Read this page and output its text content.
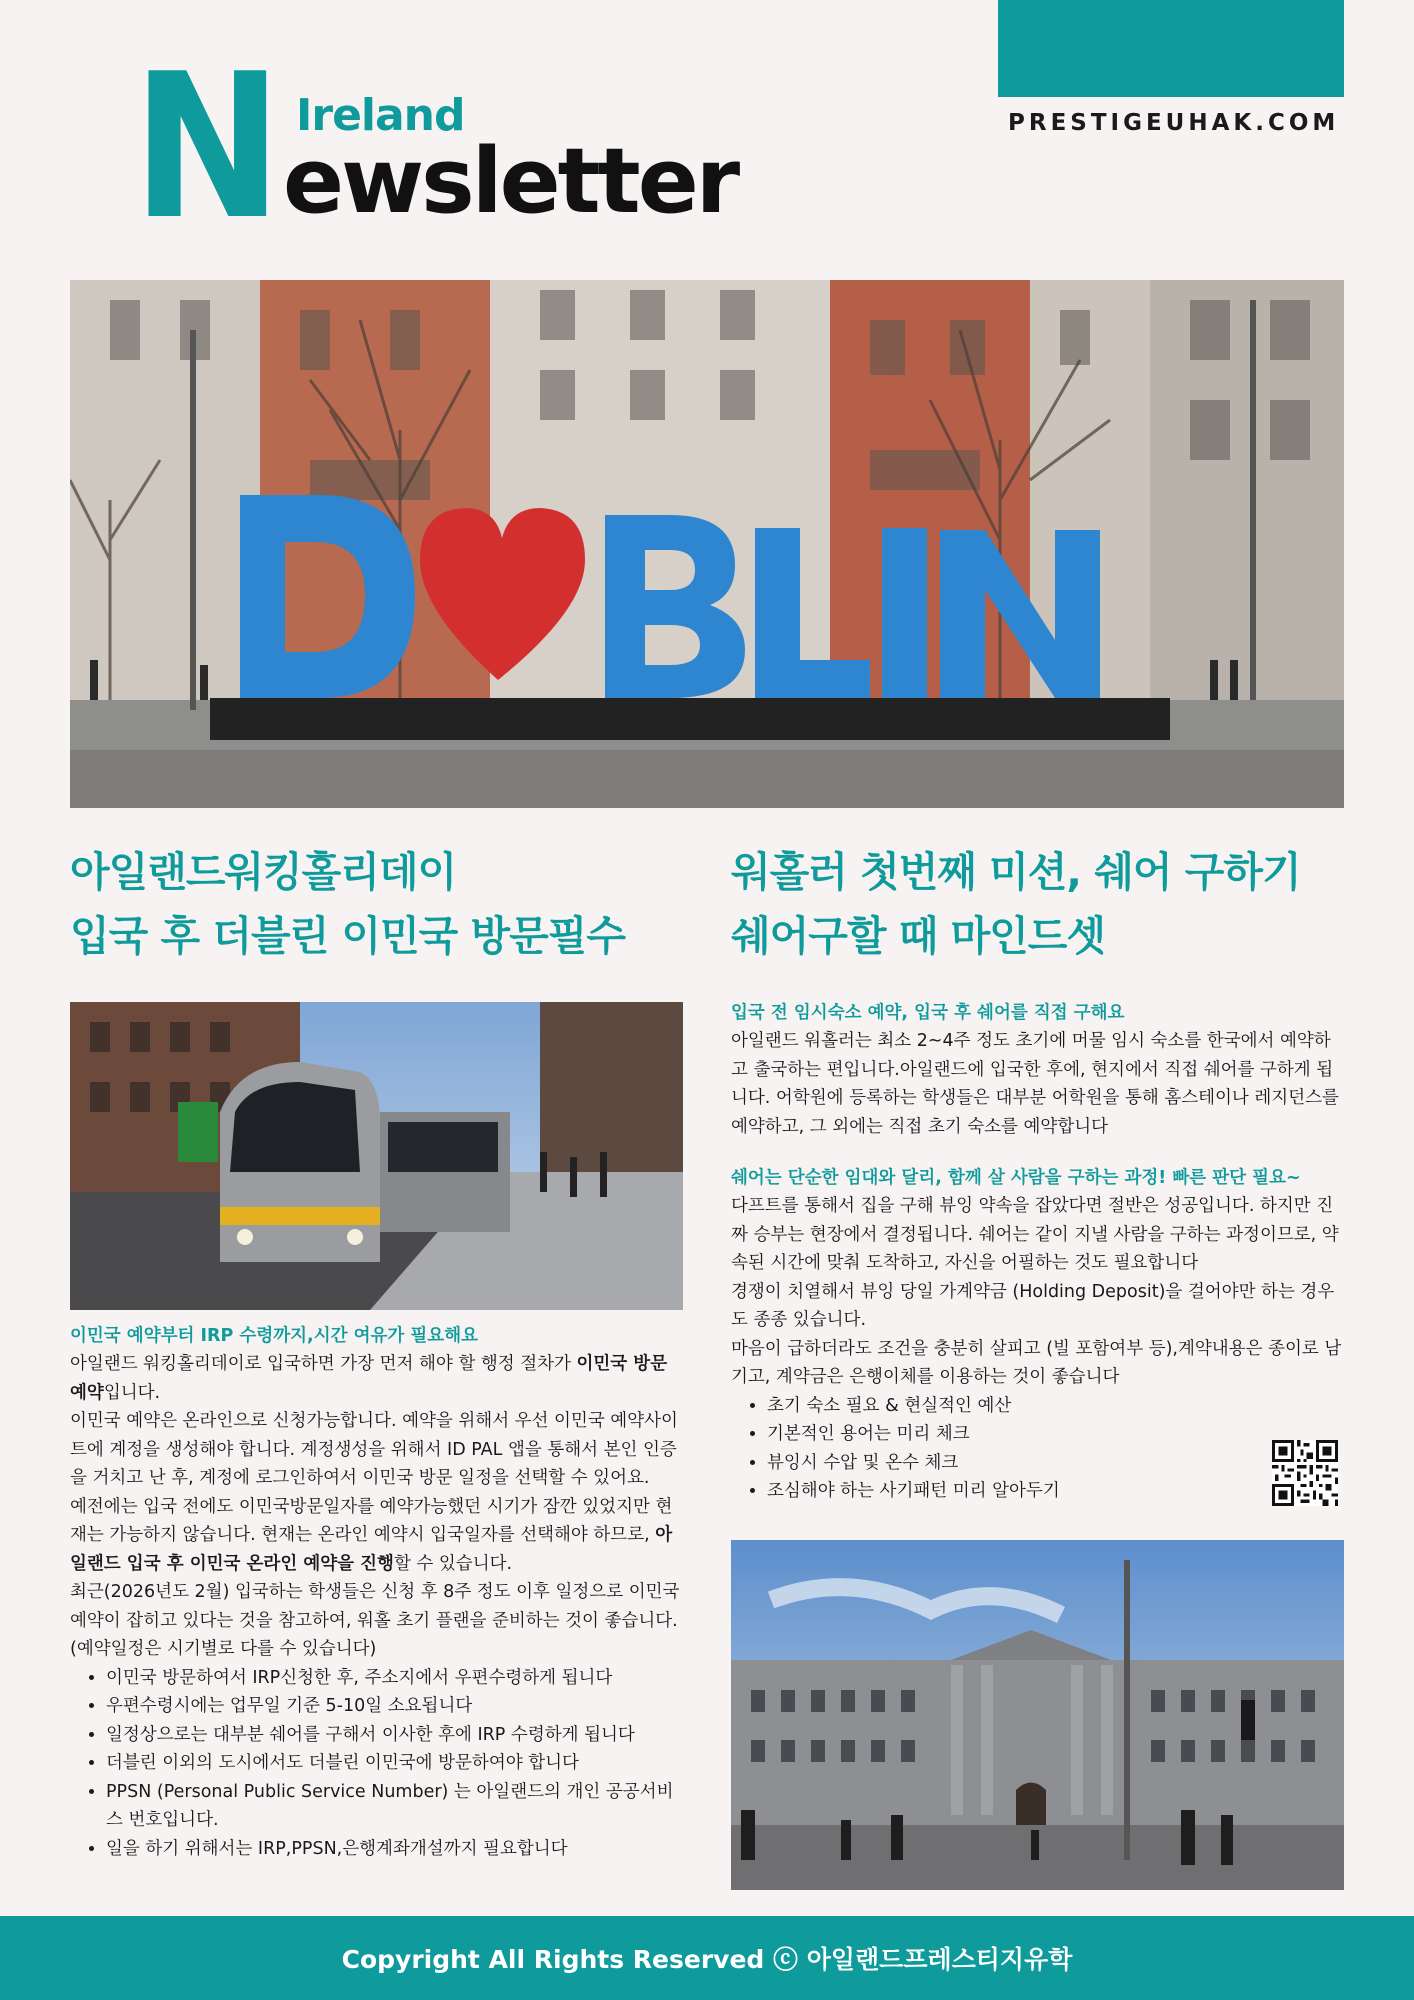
PRESTIGEUHAK.COM
N Ireland
ewsletter
아일랜드워킹홀리데이
입국 후 더블린 이민국 방문필수
워홀러 첫번째 미션, 쉐어 구하기
쉐어구할 때 마인드셋
이민국 예약부터 IRP 수령까지,시간 여유가 필요해요

아일랜드 워킹홀리데이로 입국하면 가장 먼저 해야 할 행정 절차가 이민국 방문 예약입니다.

이민국 예약은 온라인으로 신청가능합니다. 예약을 위해서 우선 이민국 예약사이트에 계정을 생성해야 합니다. 계정생성을 위해서 ID PAL 앱을 통해서 본인 인증을 거치고 난 후, 계정에 로그인하여서 이민국 방문 일정을 선택할 수 있어요.

예전에는 입국 전에도 이민국방문일자를 예약가능했던 시기가 잠깐 있었지만 현재는 가능하지 않습니다. 현재는 온라인 예약시 입국일자를 선택해야 하므로, 아일랜드 입국 후 이민국 온라인 예약을 진행할 수 있습니다.

최근(2026년도 2월) 입국하는 학생들은 신청 후 8주 정도 이후 일정으로 이민국 예약이 잡히고 있다는 것을 참고하여, 워홀 초기 플랜을 준비하는 것이 좋습니다.(예약일정은 시기별로 다를 수 있습니다)

• 이민국 방문하여서 IRP신청한 후, 주소지에서 우편수령하게 됩니다
• 우편수령시에는 업무일 기준 5-10일 소요됩니다
• 일정상으로는 대부분 쉐어를 구해서 이사한 후에 IRP 수령하게 됩니다
• 더블린 이외의 도시에서도 더블린 이민국에 방문하여야 합니다
• PPSN (Personal Public Service Number) 는 아일랜드의 개인 공공서비스 번호입니다.
• 일을 하기 위해서는 IRP,PPSN,은행계좌개설까지 필요합니다
입국 전 임시숙소 예약, 입국 후 쉐어를 직접 구해요

아일랜드 워홀러는 최소 2~4주 정도 초기에 머물 임시 숙소를 한국에서 예약하고 출국하는 편입니다.아일랜드에 입국한 후에, 현지에서 직접 쉐어를 구하게 됩니다. 어학원에 등록하는 학생들은 대부분 어학원을 통해 홈스테이나 레지던스를 예약하고, 그 외에는 직접 초기 숙소를 예약합니다

쉐어는 단순한 임대와 달리, 함께 살 사람을 구하는 과정! 빠른 판단 필요~

다프트를 통해서 집을 구해 뷰잉 약속을 잡았다면 절반은 성공입니다. 하지만 진짜 승부는 현장에서 결정됩니다. 쉐어는 같이 지낼 사람을 구하는 과정이므로, 약속된 시간에 맞춰 도착하고, 자신을 어필하는 것도 필요합니다

경쟁이 치열해서 뷰잉 당일 가계약금 (Holding Deposit)을 걸어야만 하는 경우도 종종 있습니다.

마음이 급하더라도 조건을 충분히 살피고 (빌 포함여부 등),계약내용은 종이로 남기고, 계약금은 은행이체를 이용하는 것이 좋습니다

• 초기 숙소 필요 & 현실적인 예산
• 기본적인 용어는 미리 체크
• 뷰잉시 수압 및 온수 체크
• 조심해야 하는 사기패턴 미리 알아두기
Copyright All Rights Reserved ⓒ 아일랜드프레스티지유학
